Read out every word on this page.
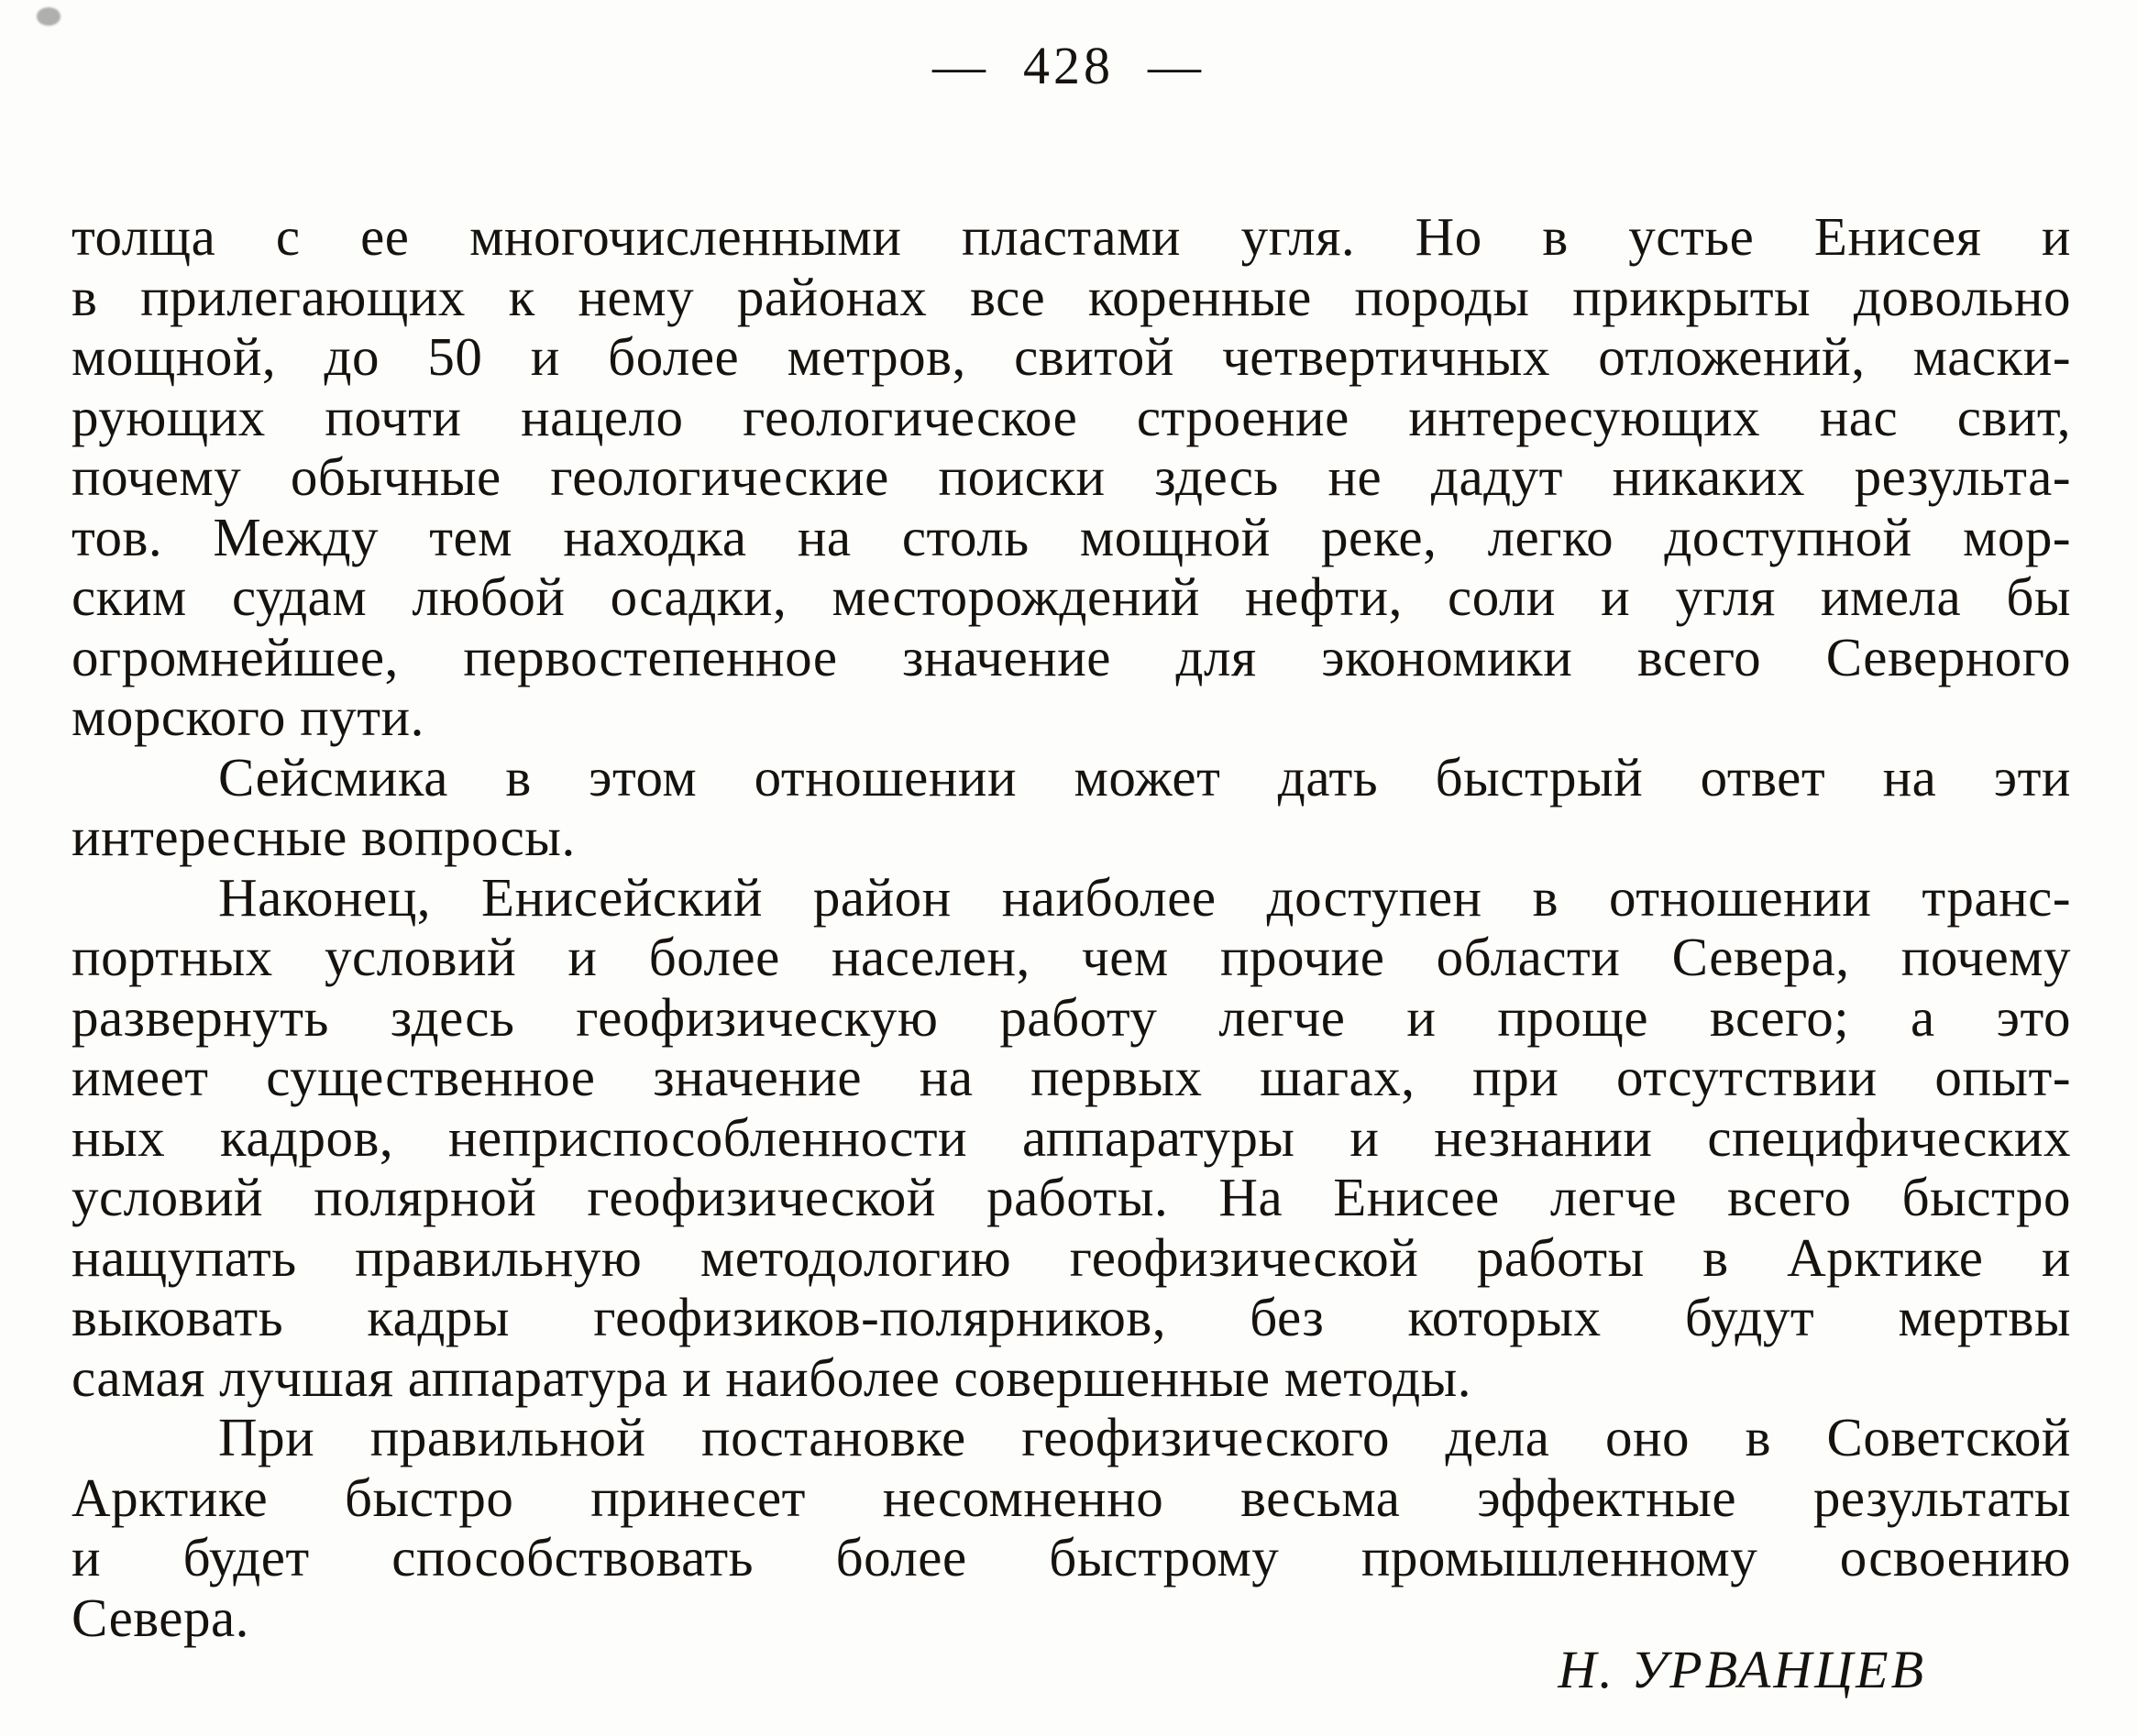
—  428  —
толща с ее многочисленными пластами угля. Но в устье Енисея и
в прилегающих к нему районах все коренные породы прикрыты довольно
мощной, до 50 и более метров, свитой четвертичных отложений, маски-
рующих почти нацело геологическое строение интересующих нас свит,
почему обычные геологические поиски здесь не дадут никаких результа-
тов. Между тем находка на столь мощной реке, легко доступной мор-
ским судам любой осадки, месторождений нефти, соли и угля имела бы
огромнейшее, первостепенное значение для экономики всего Северного
морского пути.
Сейсмика в этом отношении может дать быстрый ответ на эти
интересные вопросы.
Наконец, Енисейский район наиболее доступен в отношении транс-
портных условий и более населен, чем прочие области Севера, почему
развернуть здесь геофизическую работу легче и проще всего; а это
имеет существенное значение на первых шагах, при отсутствии опыт-
ных кадров, неприспособленности аппаратуры и незнании специфических
условий полярной геофизической работы. На Енисее легче всего быстро
нащупать правильную методологию геофизической работы в Арктике и
выковать кадры геофизиков-полярников, без которых будут мертвы
самая лучшая аппаратура и наиболее совершенные методы.
При правильной постановке геофизического дела оно в Советской
Арктике быстро принесет несомненно весьма эффектные результаты
и будет способствовать более быстрому промышленному освоению
Севера.
Н. УРВАНЦЕВ
